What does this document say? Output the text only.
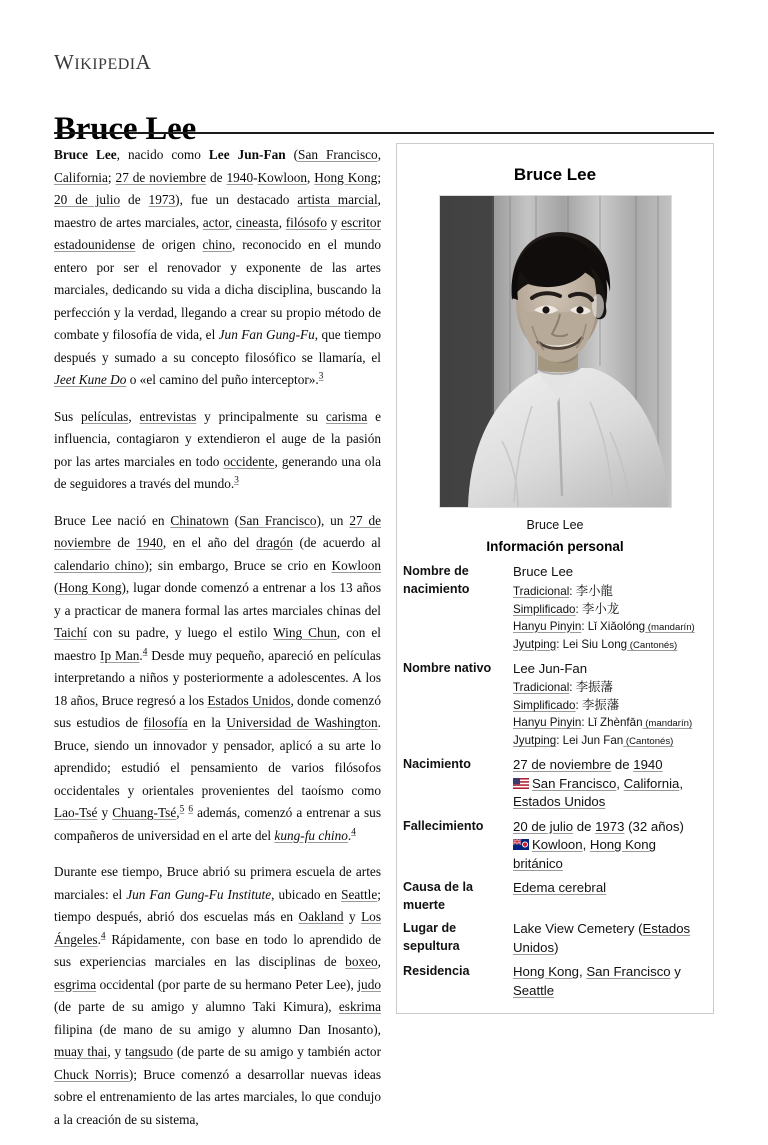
WIKIPEDIA
Bruce Lee

Bruce Lee, nacido como Lee Jun-Fan (San Francisco, California; 27 de noviembre de 1940-Kowloon, Hong Kong; 20 de julio de 1973), fue un destacado artista marcial, maestro de artes marciales, actor, cineasta, filósofo y escritor estadounidense de origen chino, reconocido en el mundo entero por ser el renovador y exponente de las artes marciales, dedicando su vida a dicha disciplina, buscando la perfección y la verdad, llegando a crear su propio método de combate y filosofía de vida, el Jun Fan Gung-Fu, que tiempo después y sumado a su concepto filosófico se llamaría, el Jeet Kune Do o «el camino del puño interceptor».$^3$

Sus películas, entrevistas y principalmente su carisma e influencia, contagiaron y extendieron el auge de la pasión por las artes marciales en todo occidente, generando una ola de seguidores a través del mundo.$^3$

Bruce Lee nació en Chinatown (San Francisco), un 27 de noviembre de 1940, en el año del dragón (de acuerdo al calendario chino); sin embargo, Bruce se crio en Kowloon (Hong Kong), lugar donde comenzó a entrenar a los 13 años y a practicar de manera formal las artes marciales chinas del Taichí con su padre, y luego el estilo Wing Chun, con el maestro Ip Man.$^4$ Desde muy pequeño, apareció en películas interpretando a niños y posteriormente a adolescentes. A los 18 años, Bruce regresó a los Estados Unidos, donde comenzó sus estudios de filosofía en la Universidad de Washington. Bruce, siendo un innovador y pensador, aplicó a su arte lo aprendido; estudió el pensamiento de varios filósofos occidentales y orientales provenientes del taoísmo como Lao-Tsé y Chuang-Tsé,$^5$ $^6$ además, comenzó a entrenar a sus compañeros de universidad en el arte del kung-fu chino.$^4$

Durante ese tiempo, Bruce abrió su primera escuela de artes marciales: el Jun Fan Gung-Fu Institute, ubicado en Seattle; tiempo después, abrió dos escuelas más en Oakland y Los Ángeles.$^4$ Rápidamente, con base en todo lo aprendido de sus experiencias marciales en las disciplinas de boxeo, esgrima occidental (por parte de su hermano Peter Lee), judo (de parte de su amigo y alumno Taki Kimura), eskrima filipina (de mano de su amigo y alumno Dan Inosanto), muay thai, y tangsudo (de parte de su amigo y también actor Chuck Norris); Bruce comenzó a desarrollar nuevas ideas sobre el entrenamiento de las artes marciales, lo que condujo a la creación de su sistema,

Bruce Lee
Bruce Lee
Información personal
Nombre de nacimiento	Bruce Lee
Tradicional: 李小龍
Simplificado: 李小龙
Hanyu Pinyin: Lǐ Xiǎolóng (mandarín)
Jyutping: Lei Siu Long (Cantonés)

Nombre nativo	Lee Jun-Fan
Tradicional: 李振藩
Simplificado: 李振藩
Hanyu Pinyin: Lǐ Zhènfān (mandarín)
Jyutping: Lei Jun Fan (Cantonés)

Nacimiento	27 de noviembre de 1940
San Francisco, California, Estados Unidos

Fallecimiento	20 de julio de 1973 (32 años)
Kowloon, Hong Kong británico

Causa de la muerte	Edema cerebral

Lugar de sepultura	Lake View Cemetery (Estados Unidos)

Residencia	Hong Kong, San Francisco y Seattle
